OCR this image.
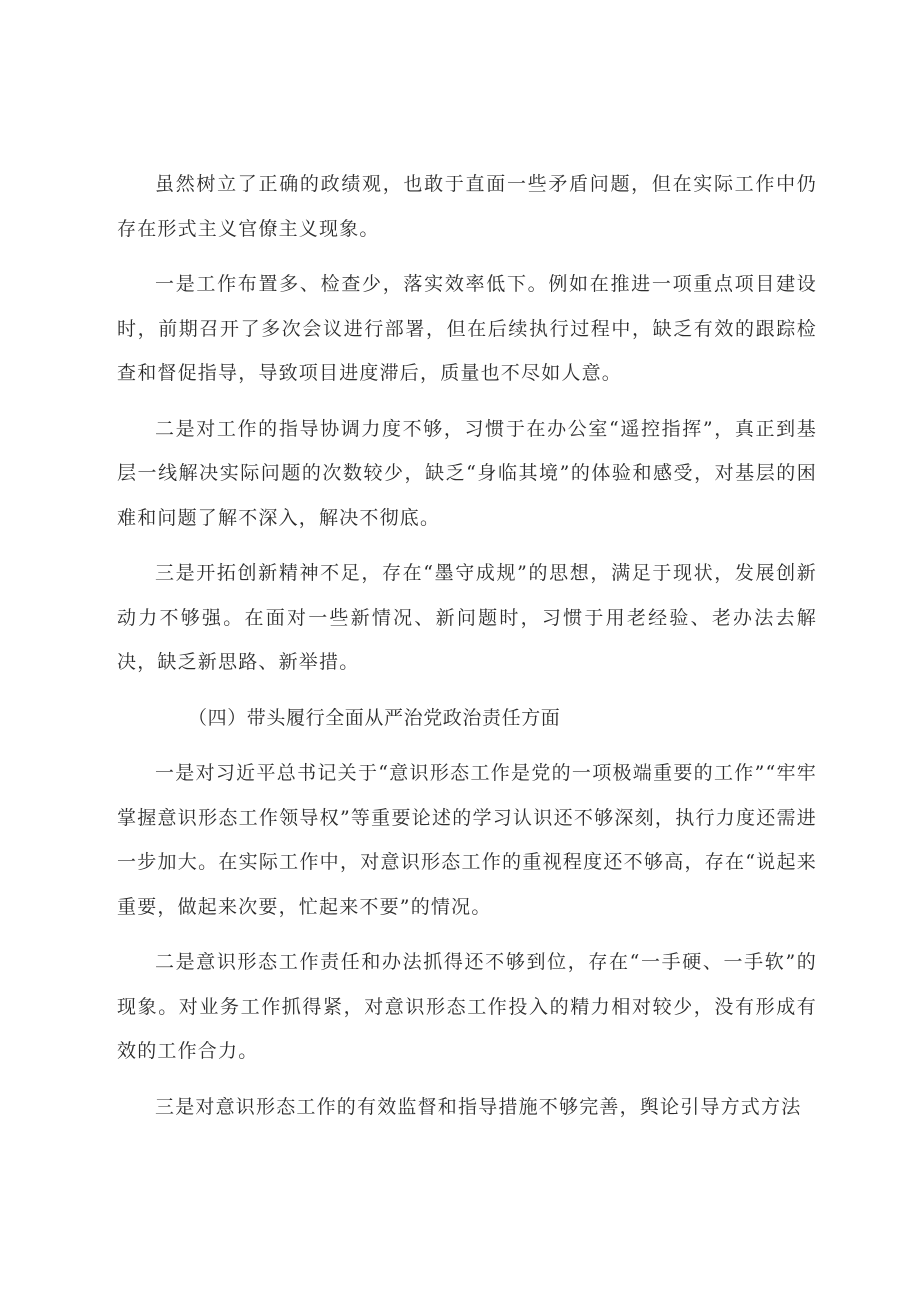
虽然树立了正确的政绩观，也敢于直面一些矛盾问题，但在实际工作中仍存在形式主义官僚主义现象。

一是工作布置多、检查少，落实效率低下。例如在推进一项重点项目建设时，前期召开了多次会议进行部署，但在后续执行过程中，缺乏有效的跟踪检查和督促指导，导致项目进度滞后，质量也不尽如人意。

二是对工作的指导协调力度不够，习惯于在办公室“遥控指挥”，真正到基层一线解决实际问题的次数较少，缺乏“身临其境”的体验和感受，对基层的困难和问题了解不深入，解决不彻底。

三是开拓创新精神不足，存在“墨守成规”的思想，满足于现状，发展创新动力不够强。在面对一些新情况、新问题时，习惯于用老经验、老办法去解决，缺乏新思路、新举措。

（四）带头履行全面从严治党政治责任方面

一是对习近平总书记关于“意识形态工作是党的一项极端重要的工作”“牢牢掌握意识形态工作领导权”等重要论述的学习认识还不够深刻，执行力度还需进一步加大。在实际工作中，对意识形态工作的重视程度还不够高，存在“说起来重要，做起来次要，忙起来不要”的情况。

二是意识形态工作责任和办法抓得还不够到位，存在“一手硬、一手软”的现象。对业务工作抓得紧，对意识形态工作投入的精力相对较少，没有形成有效的工作合力。

三是对意识形态工作的有效监督和指导措施不够完善，舆论引导方式方法
